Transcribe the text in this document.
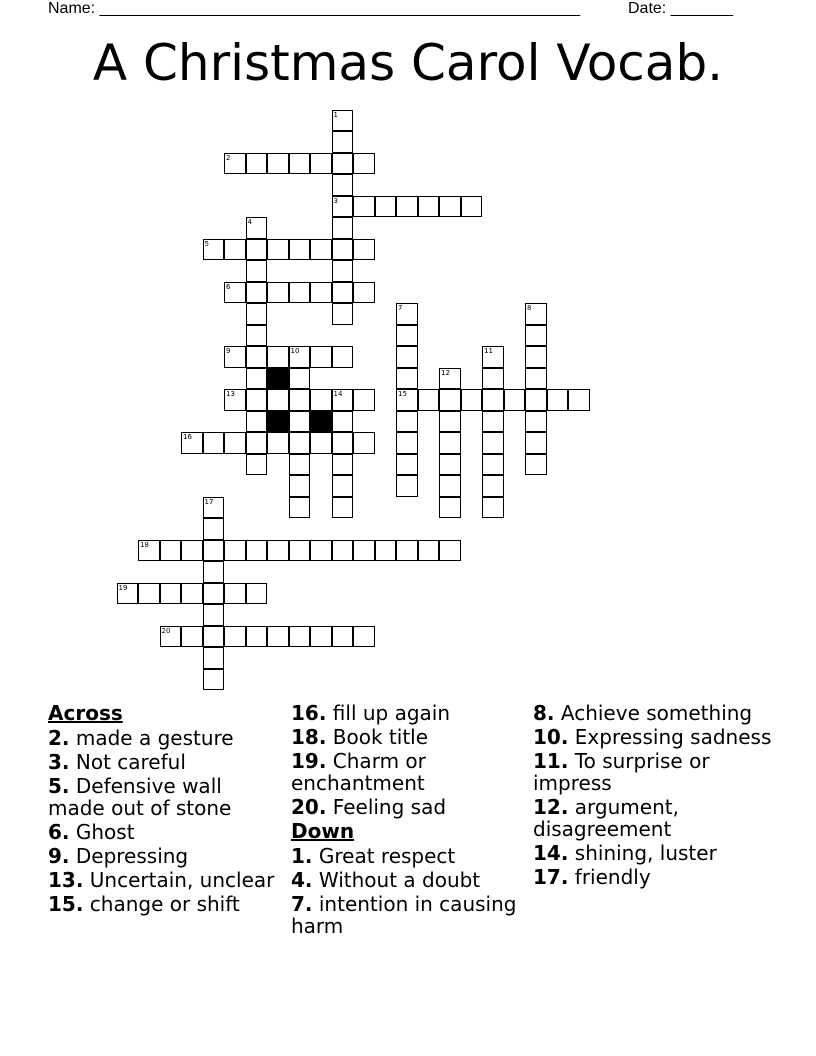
Name: ______________________________________________________	Date: _______
A Christmas Carol Vocab.
1
3
2
4
5
6
7
15
8
9	10	11
12
13	14
16
17
18
19
20
Across
2. made a gesture
3. Not careful
5. Defensive wall made out of stone
6. Ghost
9. Depressing
13. Uncertain, unclear
15. change or shift
16. fill up again
18. Book title
19. Charm or enchantment
20. Feeling sad
Down
1. Great respect
4. Without a doubt
7. intention in causing harm
8. Achieve something
10. Expressing sadness
11. To surprise or impress
12. argument, disagreement
14. shining, luster
17. friendly
